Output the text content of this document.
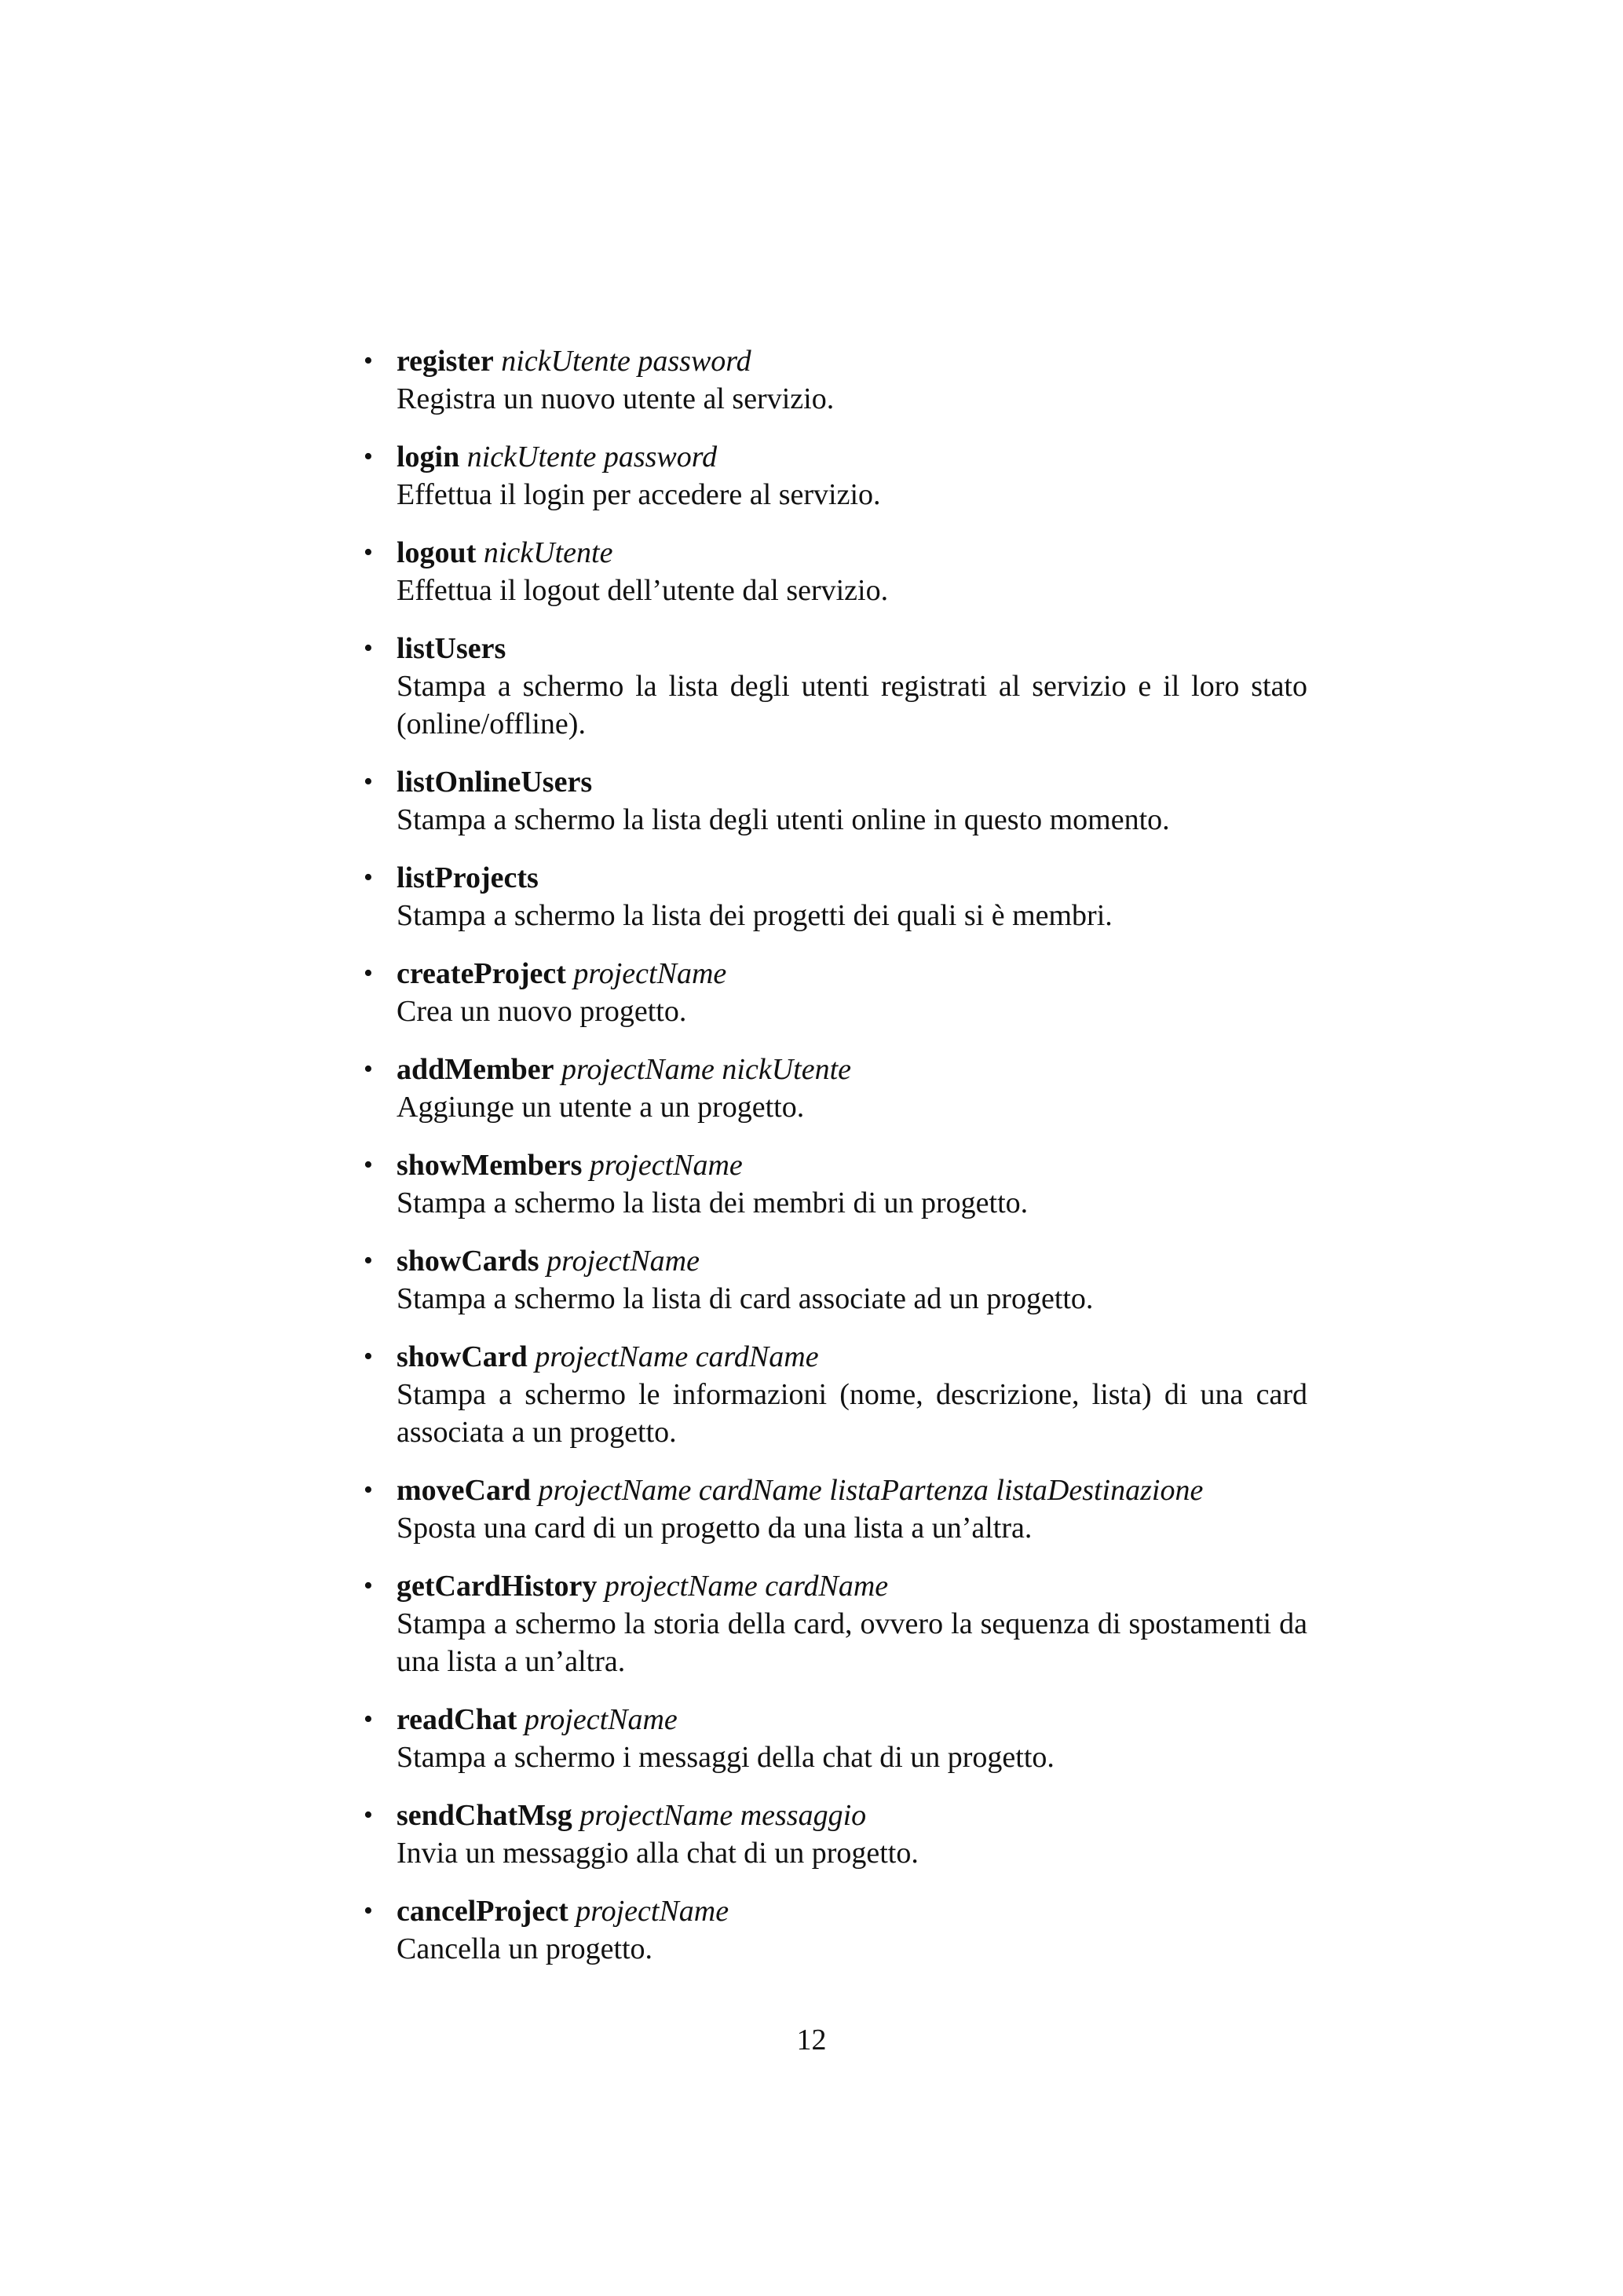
• register nickUtente password
Registra un nuovo utente al servizio.
• login nickUtente password
Effettua il login per accedere al servizio.
• logout nickUtente
Effettua il logout dell’utente dal servizio.
• listUsers
Stampa a schermo la lista degli utenti registrati al servizio e il loro stato (online/offline).
• listOnlineUsers
Stampa a schermo la lista degli utenti online in questo momento.
• listProjects
Stampa a schermo la lista dei progetti dei quali si è membri.
• createProject projectName
Crea un nuovo progetto.
• addMember projectName nickUtente
Aggiunge un utente a un progetto.
• showMembers projectName
Stampa a schermo la lista dei membri di un progetto.
• showCards projectName
Stampa a schermo la lista di card associate ad un progetto.
• showCard projectName cardName
Stampa a schermo le informazioni (nome, descrizione, lista) di una card associata a un progetto.
• moveCard projectName cardName listaPartenza listaDestinazione
Sposta una card di un progetto da una lista a un’altra.
• getCardHistory projectName cardName
Stampa a schermo la storia della card, ovvero la sequenza di spostamenti da una lista a un’altra.
• readChat projectName
Stampa a schermo i messaggi della chat di un progetto.
• sendChatMsg projectName messaggio
Invia un messaggio alla chat di un progetto.
• cancelProject projectName
Cancella un progetto.
12
